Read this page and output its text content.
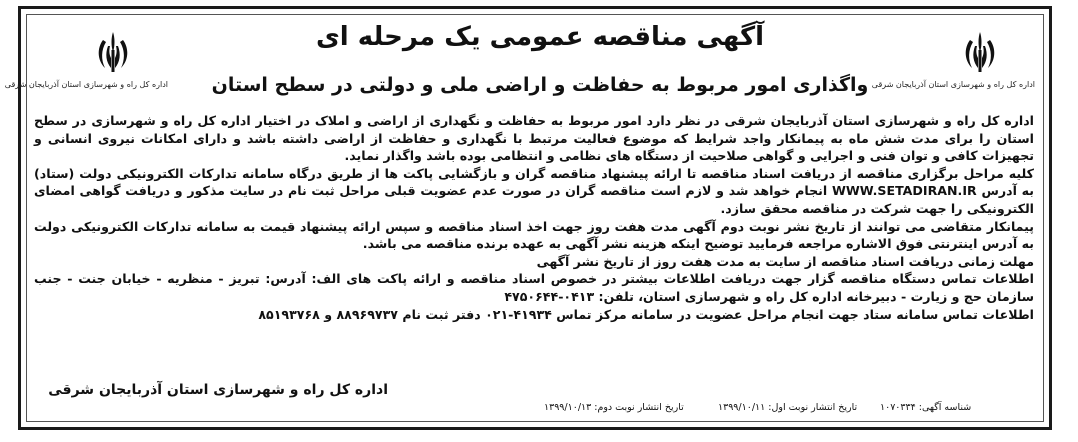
اداره کل راه و شهرسازی استان آذربایجان شرقی
اداره کل راه و شهرسازی استان آذربایجان شرقی
آگهی مناقصه عمومی یک مرحله ای
واگذاری امور مربوط به حفاظت و اراضی ملی و دولتی در سطح استان

اداره کل راه و شهرسازی استان آذربایجان شرقی در نظر دارد امور مربوط به حفاظت و نگهداری از اراضی و املاک در اختیار اداره کل راه و شهرسازی در سطح استان را برای مدت شش ماه به پیمانکار واجد شرایط که موضوع فعالیت مرتبط با نگهداری و حفاظت از اراضی داشته باشد و دارای امکانات نیروی انسانی و تجهیزات کافی و توان فنی و اجرایی و گواهی صلاحیت از دستگاه های نظامی و انتظامی بوده باشد واگذار نماید.

کلیه مراحل برگزاری مناقصه از دریافت اسناد مناقصه تا ارائه پیشنهاد مناقصه گران و بازگشایی پاکت ها از طریق درگاه سامانه تدارکات الکترونیکی دولت (ستاد) به آدرس WWW.SETADIRAN.IR انجام خواهد شد و لازم است مناقصه گران در صورت عدم عضویت قبلی مراحل ثبت نام در سایت مذکور و دریافت گواهی امضای الکترونیکی را جهت شرکت در مناقصه محقق سازد.

پیمانکار متقاضی می توانند از تاریخ نشر نوبت دوم آگهی مدت هفت روز جهت اخذ اسناد مناقصه و سپس ارائه پیشنهاد قیمت به سامانه تدارکات الکترونیکی دولت به آدرس اینترنتی فوق الاشاره مراجعه فرمایید توضیح اینکه هزینه نشر آگهی به عهده برنده مناقصه می باشد.

مهلت زمانی دریافت اسناد مناقصه از سایت به مدت هفت روز از تاریخ نشر آگهی

اطلاعات تماس دستگاه مناقصه گزار جهت دریافت اطلاعات بیشتر در خصوص اسناد مناقصه و ارائه پاکت های الف: آدرس: تبریز - منظریه - خیابان جنت - جنب سازمان حج و زیارت - دبیرخانه اداره کل راه و شهرسازی استان، تلفن: ۰۴۱۳-۴۷۵۰۶۴۴

اطلاعات تماس سامانه ستاد جهت انجام مراحل عضویت در سامانه مرکز تماس ۴۱۹۳۴-۰۲۱ دفتر ثبت نام ۸۸۹۶۹۷۳۷ و ۸۵۱۹۳۷۶۸

اداره کل راه و شهرسازی استان آذربایجان شرقی
شناسه آگهی: ۱۰۷۰۳۳۴
تاریخ انتشار نوبت اول: ۱۳۹۹/۱۰/۱۱
تاریخ انتشار نوبت دوم: ۱۳۹۹/۱۰/۱۳
